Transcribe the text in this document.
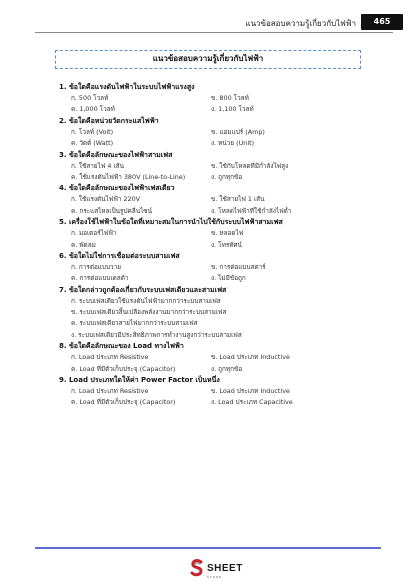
แนวข้อสอบความรู้เกี่ยวกับไฟฟ้า	465
แนวข้อสอบความรู้เกี่ยวกับไฟฟ้า
1. ข้อใดคือแรงดันไฟฟ้าในระบบไฟฟ้าแรงสูง
ก. 500 โวลท์	ข. 800 โวลท์
ค. 1,000 โวลท์	ง. 1,100 โวลท์
2. ข้อใดคือหน่วยวัดกระแสไฟฟ้า
ก. โวลท์ (Volt)	ข. แอมแปร์ (Amp)
ค. วัตต์ (Watt)	ง. หน่วย (Unit)
3. ข้อใดคือลักษณะของไฟฟ้าสามเฟส
ก. ใช้สายไฟ 4 เส้น	ข. ใช้กับโหลดที่มีกำลังไฟสูง
ค. ใช้แรงดันไฟฟ้า 380V (Line-to-Line)	ง. ถูกทุกข้อ
4. ข้อใดคือลักษณะของไฟฟ้าเฟสเดียว
ก. ใช้แรงดันไฟฟ้า 220V	ข. ใช้สายไฟ 1 เส้น
ค. กระแสไหลเป็นรูปคลื่นไซน์	ง. โหลดไฟฟ้าที่ใช้กำลังไฟต่ำ
5. เครื่องใช้ไฟฟ้าในข้อใดที่เหมาะสมในการนำไปใช้กับระบบไฟฟ้าสามเฟส
ก. มอเตอร์ไฟฟ้า	ข. หลอดไฟ
ค. พัดลม	ง. โทรทัศน์
6. ข้อใดไม่ใช่การเชื่อมต่อระบบสามเฟส
ก. การต่อแบบวาย	ข. การต่อแบบสตาร์
ค. การต่อแบบเดลต้า	ง. ไม่มีข้อถูก
7. ข้อใดกล่าวถูกต้องเกี่ยวกับระบบเฟสเดียวและสามเฟส
ก. ระบบเฟสเดียวใช้แรงดันไฟฟ้ามากกว่าระบบสามเฟส
ข. ระบบเฟสเดียวสิ้นเปลืองพลังงานมากกว่าระบบสามเฟส
ค. ระบบเฟสเดียวสายไฟมากกว่าระบบสามเฟส
ง. ระบบเฟสเดียวมีประสิทธิภาพการทำงานสูงกว่าระบบสามเฟส
8. ข้อใดคือลักษณะของ Load ทางไฟฟ้า
ก. Load ประเภท Resistive	ข. Load ประเภท Inductive
ค. Load ที่มีตัวเก็บประจุ (Capacitor)	ง. ถูกทุกข้อ
9. Load ประเภทใดให้ค่า Power Factor เป็นหนึ่ง
ก. Load ประเภท Resistive	ข. Load ประเภท Inductive
ค. Load ที่มีตัวเก็บประจุ (Capacitor)	ง. Load ประเภท Capacitive
SHEET
STORE
